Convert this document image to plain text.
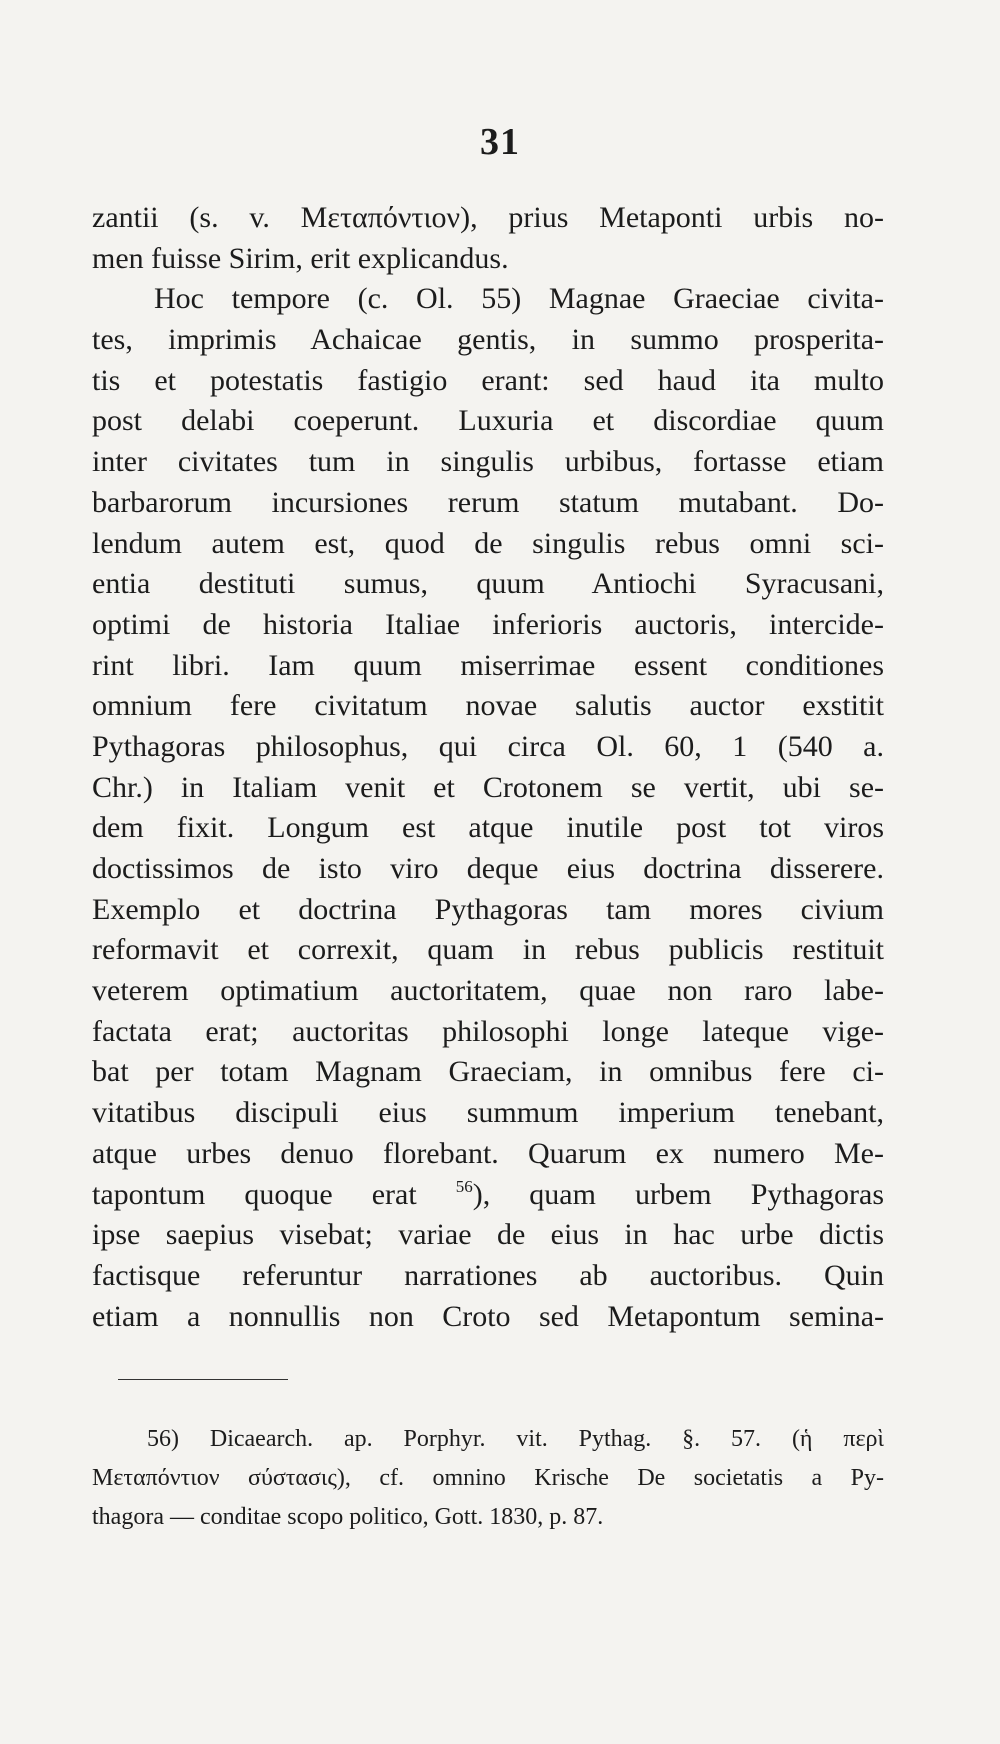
31
zantii (s. v. Μεταπόντιον), prius Metaponti urbis no-
men fuisse Sirim, erit explicandus.
Hoc tempore (c. Ol. 55) Magnae Graeciae civita-
tes, imprimis Achaicae gentis, in summo prosperita-
tis et potestatis fastigio erant: sed haud ita multo
post delabi coeperunt. Luxuria et discordiae quum
inter civitates tum in singulis urbibus, fortasse etiam
barbarorum incursiones rerum statum mutabant. Do-
lendum autem est, quod de singulis rebus omni sci-
entia destituti sumus, quum Antiochi Syracusani,
optimi de historia Italiae inferioris auctoris, intercide-
rint libri. Iam quum miserrimae essent conditiones
omnium fere civitatum novae salutis auctor exstitit
Pythagoras philosophus, qui circa Ol. 60, 1 (540 a.
Chr.) in Italiam venit et Crotonem se vertit, ubi se-
dem fixit. Longum est atque inutile post tot viros
doctissimos de isto viro deque eius doctrina disserere.
Exemplo et doctrina Pythagoras tam mores civium
reformavit et correxit, quam in rebus publicis restituit
veterem optimatium auctoritatem, quae non raro labe-
factata erat; auctoritas philosophi longe lateque vige-
bat per totam Magnam Graeciam, in omnibus fere ci-
vitatibus discipuli eius summum imperium tenebant,
atque urbes denuo florebant. Quarum ex numero Me-
tapontum quoque erat $^{56}$), quam urbem Pythagoras
ipse saepius visebat; variae de eius in hac urbe dictis
factisque referuntur narrationes ab auctoribus. Quin
etiam a nonnullis non Croto sed Metapontum semina-
56) Dicaearch. ap. Porphyr. vit. Pythag. §. 57. (ἡ περὶ
Μεταπόντιον σύστασις), cf. omnino Krische De societatis a Py-
thagora — conditae scopo politico, Gott. 1830, p. 87.
